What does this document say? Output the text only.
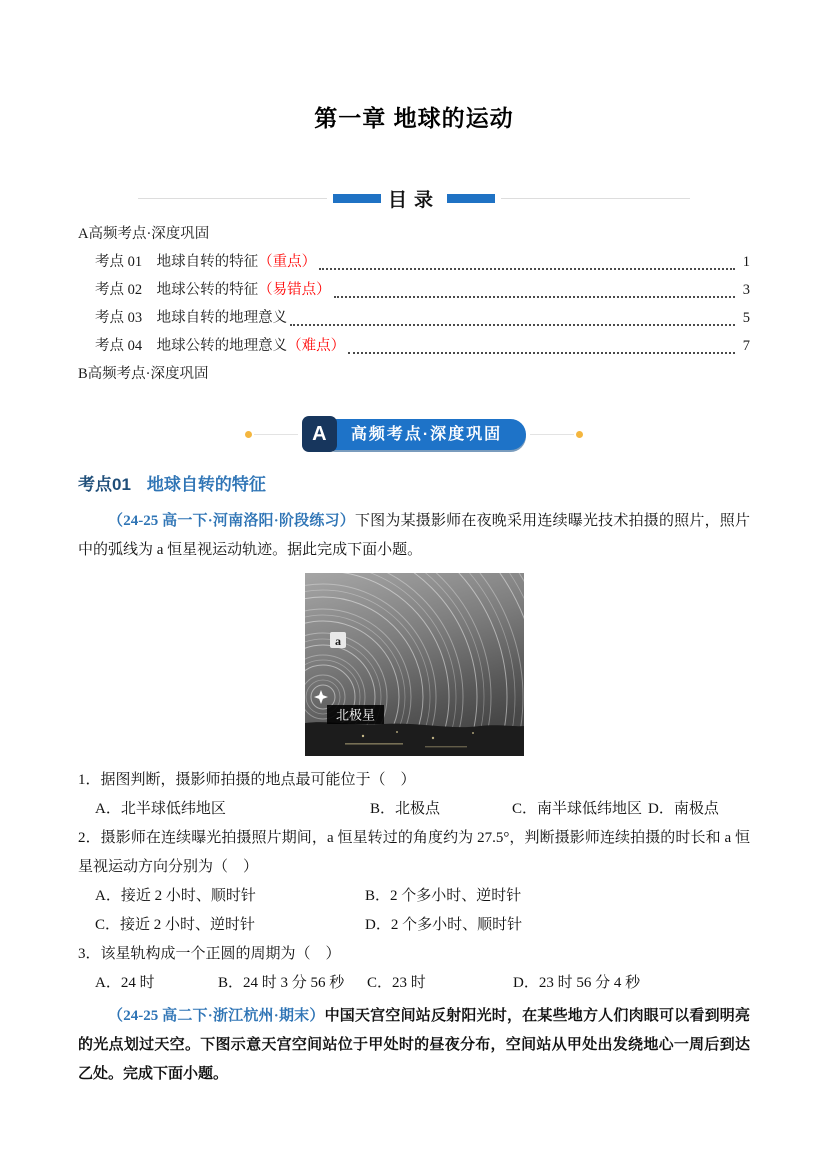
第一章 地球的运动
目录
A高频考点·深度巩固
考点 01　地球自转的特征 （重点）	1
考点 02　地球公转的特征 （易错点）	3
考点 03　地球自转的地理意义	5
考点 04　地球公转的地理意义 （难点）	7
B高频考点·深度巩固
A	高频考点·深度巩固
考点01 地球自转的特征

（24-25 高一下·河南洛阳·阶段练习）下图为某摄影师在夜晚采用连续曝光技术拍摄的照片，照片中的弧线为 a 恒星视运动轨迹。据此完成下面小题。

a
北极星
1．据图判断，摄影师拍摄的地点最可能位于（　）
A．北半球低纬地区	B．北极点	C．南半球低纬地区 D．南极点
2．摄影师在连续曝光拍摄照片期间，a 恒星转过的角度约为 27.5°，判断摄影师连续拍摄的时长和 a 恒星视运动方向分别为（　）
A．接近 2 小时、顺时针	B．2 个多小时、逆时针
C．接近 2 小时、逆时针	D．2 个多小时、顺时针
3．该星轨构成一个正圆的周期为（　）
A．24 时	B．24 时 3 分 56 秒	C．23 时	D．23 时 56 分 4 秒

（24-25 高二下·浙江杭州·期末）中国天宫空间站反射阳光时，在某些地方人们肉眼可以看到明亮的光点划过天空。下图示意天宫空间站位于甲处时的昼夜分布，空间站从甲处出发绕地心一周后到达乙处。完成下面小题。
